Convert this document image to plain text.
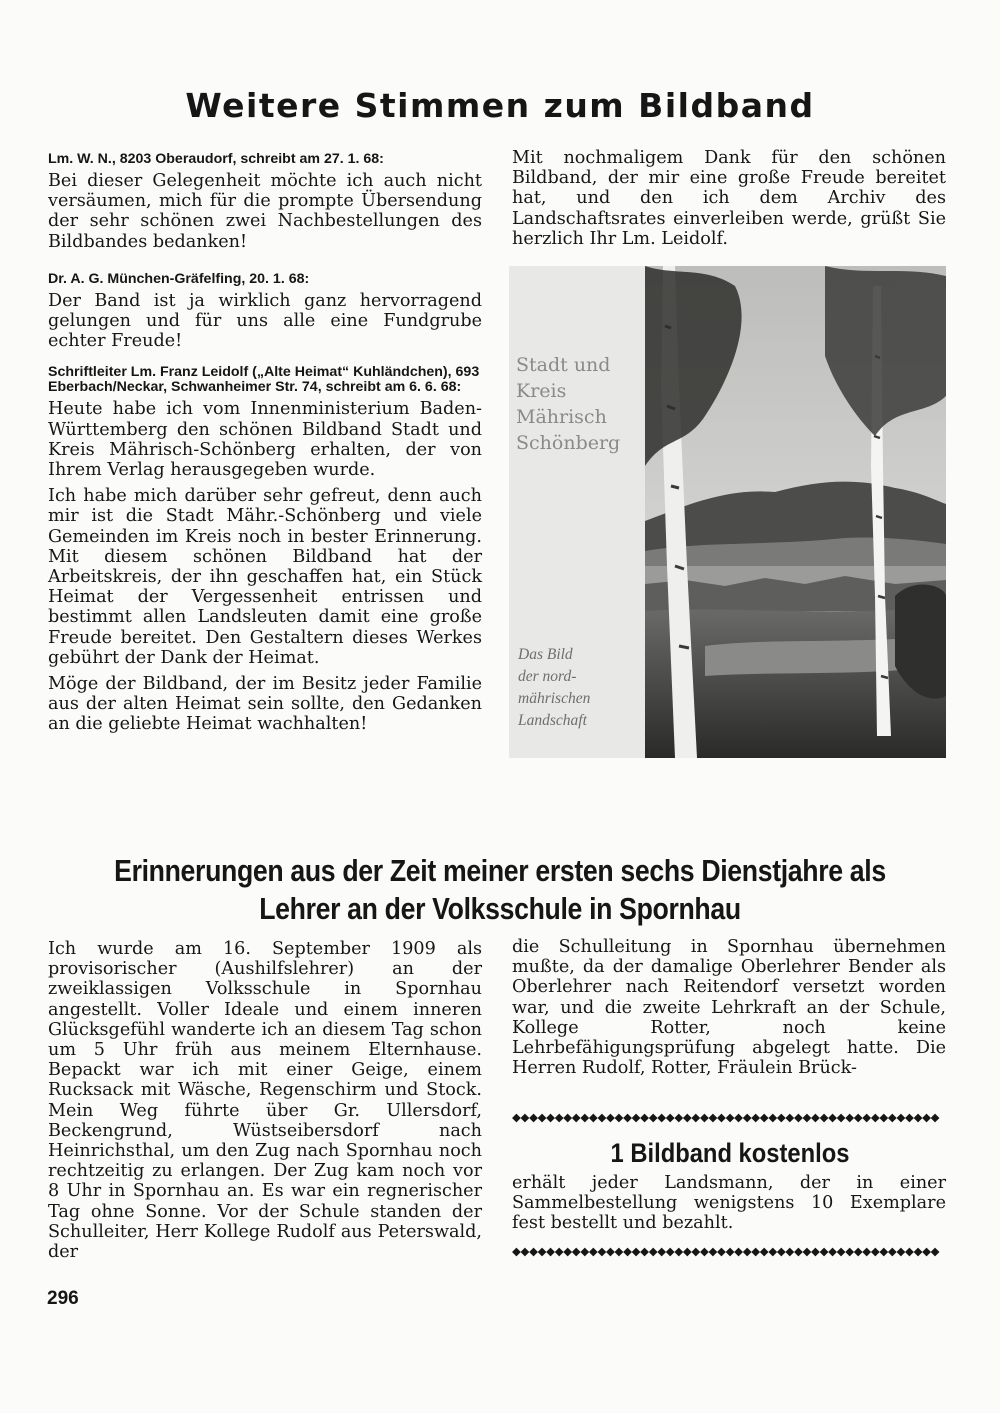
Weitere Stimmen zum Bildband

Lm. W. N., 8203 Oberaudorf, schreibt am 27. 1. 68:

Bei dieser Gelegenheit möchte ich auch nicht versäumen, mich für die prompte Übersendung der sehr schönen zwei Nachbestellungen des Bildbandes bedanken!

Dr. A. G. München-Gräfelfing, 20. 1. 68:

Der Band ist ja wirklich ganz hervorragend gelungen und für uns alle eine Fundgrube echter Freude!

Schriftleiter Lm. Franz Leidolf („Alte Heimat“ Kuhländchen), 693 Eberbach/Neckar, Schwanheimer Str. 74, schreibt am 6. 6. 68:

Heute habe ich vom Innenministerium Baden-Württemberg den schönen Bildband Stadt und Kreis Mährisch-Schönberg erhalten, der von Ihrem Verlag herausgegeben wurde.

Ich habe mich darüber sehr gefreut, denn auch mir ist die Stadt Mähr.-Schönberg und viele Gemeinden im Kreis noch in bester Erinnerung. Mit diesem schönen Bildband hat der Arbeitskreis, der ihn geschaffen hat, ein Stück Heimat der Vergessenheit entrissen und bestimmt allen Landsleuten damit eine große Freude bereitet. Den Gestaltern dieses Werkes gebührt der Dank der Heimat.

Möge der Bildband, der im Besitz jeder Familie aus der alten Heimat sein sollte, den Gedanken an die geliebte Heimat wachhalten!

Mit nochmaligem Dank für den schönen Bildband, der mir eine große Freude bereitet hat, und den ich dem Archiv des Landschaftsrates einverleiben werde, grüßt Sie herzlich Ihr Lm. Leidolf.

Stadt und
Kreis
Mährisch
Schönberg
Das Bild
der nord-
mährischen
Landschaft
Erinnerungen aus der Zeit meiner ersten sechs Dienstjahre als
Lehrer an der Volksschule in Spornhau

Ich wurde am 16. September 1909 als provisorischer (Aushilfslehrer) an der zweiklassigen Volksschule in Spornhau angestellt. Voller Ideale und einem inneren Glücksgefühl wanderte ich an diesem Tag schon um 5 Uhr früh aus meinem Elternhause. Bepackt war ich mit einer Geige, einem Rucksack mit Wäsche, Regenschirm und Stock. Mein Weg führte über Gr. Ullersdorf, Beckengrund, Wüstseibersdorf nach Heinrichsthal, um den Zug nach Spornhau noch rechtzeitig zu erlangen. Der Zug kam noch vor 8 Uhr in Spornhau an. Es war ein regnerischer Tag ohne Sonne. Vor der Schule standen der Schulleiter, Herr Kollege Rudolf aus Peterswald, der

die Schulleitung in Spornhau übernehmen mußte, da der damalige Oberlehrer Bender als Oberlehrer nach Reitendorf versetzt worden war, und die zweite Lehrkraft an der Schule, Kollege Rotter, noch keine Lehrbefähigungsprüfung abgelegt hatte. Die Herren Rudolf, Rotter, Fräulein Brück-

◆◆◆◆◆◆◆◆◆◆◆◆◆◆◆◆◆◆◆◆◆◆◆◆◆◆◆◆◆◆◆◆◆◆◆◆◆◆◆◆◆◆◆◆◆◆◆◆◆◆
1 Bildband kostenlos

erhält jeder Landsmann, der in einer Sammelbestellung wenigstens 10 Exemplare fest bestellt und bezahlt.

◆◆◆◆◆◆◆◆◆◆◆◆◆◆◆◆◆◆◆◆◆◆◆◆◆◆◆◆◆◆◆◆◆◆◆◆◆◆◆◆◆◆◆◆◆◆◆◆◆◆
296
